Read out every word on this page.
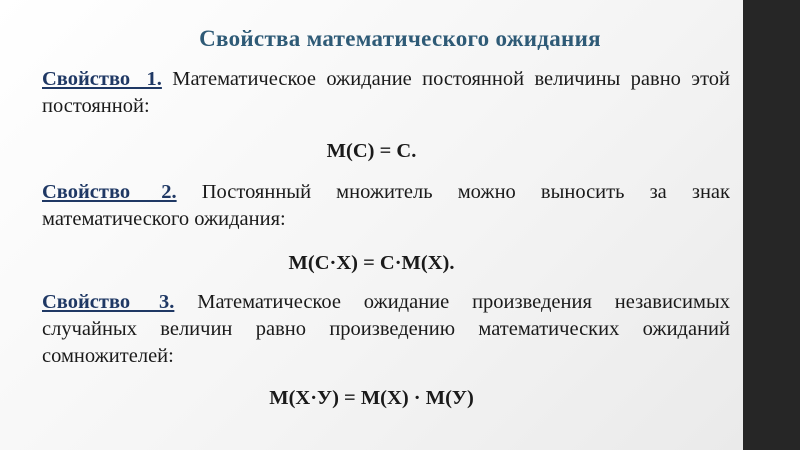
Свойства математического ожидания
Свойство 1. Математическое ожидание постоянной величины равно этой постоянной:
M(C) = C.
Свойство 2. Постоянный множитель можно выносить за знак математического ожидания:
M(C·X) = C·M(X).
Свойство 3. Математическое ожидание произведения независимых случайных величин равно произведению математических ожиданий сомножителей:
M(X·У) = M(X) · M(У)
